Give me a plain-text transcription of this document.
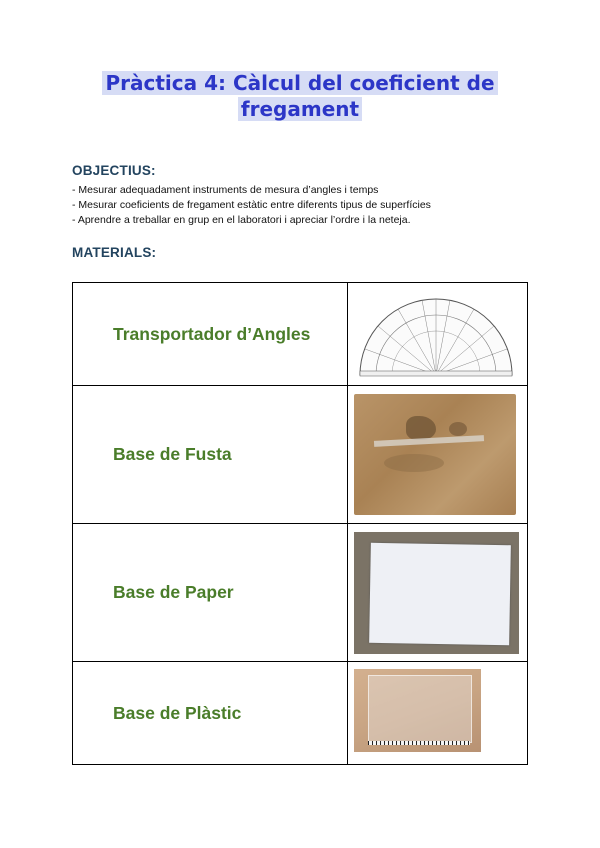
Pràctica 4: Càlcul del coeficient de
fregament
OBJECTIUS:
- Mesurar adequadament instruments de mesura d’angles i temps
- Mesurar coeficients de fregament estàtic entre diferents tipus de superfícies
- Aprendre a treballar en grup en el laboratori i apreciar l’ordre i la neteja.
MATERIALS:
Transportador d’Angles	

Base de Fusta	

Base de Paper	

Base de Plàstic	
